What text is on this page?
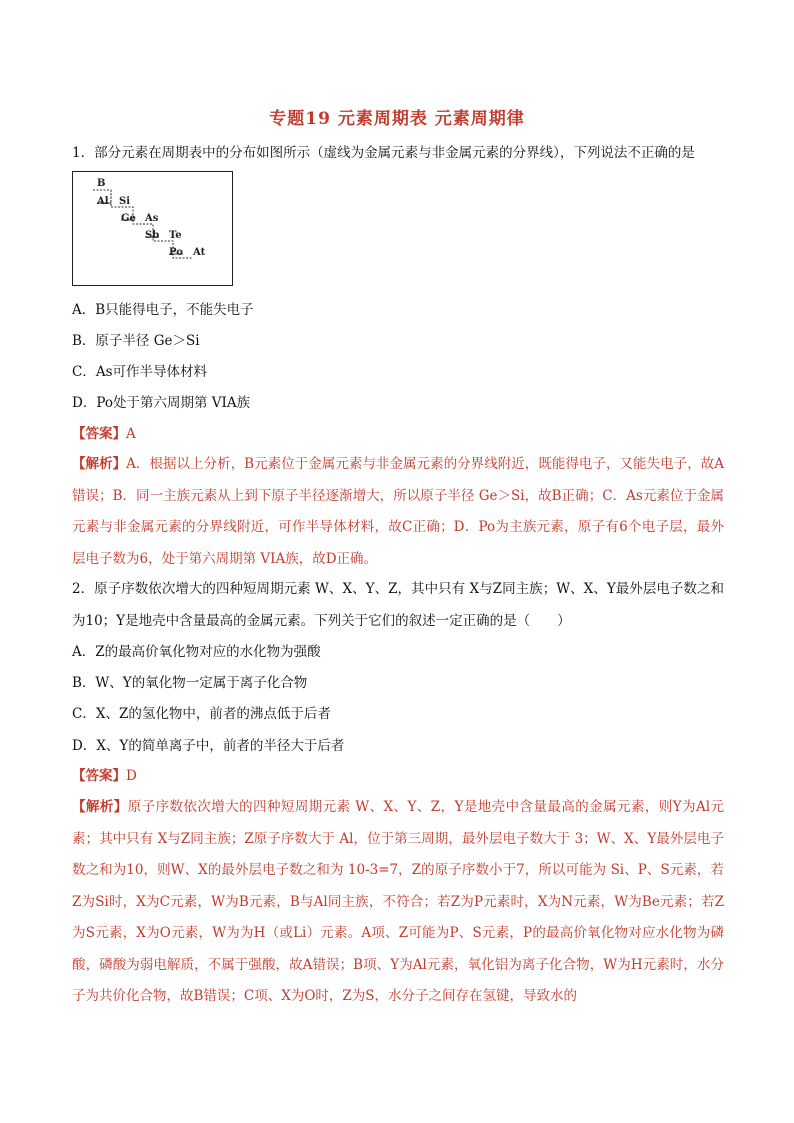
专题19 元素周期表 元素周期律
1．部分元素在周期表中的分布如图所示（虚线为金属元素与非金属元素的分界线），下列说法不正确的是
B
Al Si
Ge As
Sb Te
Po At
A．B只能得电子，不能失电子
B．原子半径 Ge＞Si
C．As可作半导体材料
D．Po处于第六周期第 VIA族
【答案】A
【解析】A．根据以上分析，B元素位于金属元素与非金属元素的分界线附近，既能得电子，又能失电子，故A错误；B．同一主族元素从上到下原子半径逐渐增大，所以原子半径 Ge＞Si，故B正确；C．As元素位于金属元素与非金属元素的分界线附近，可作半导体材料，故C正确；D．Po为主族元素，原子有6个电子层，最外层电子数为6，处于第六周期第 VIA族，故D正确。
2．原子序数依次增大的四种短周期元素 W、X、Y、Z，其中只有 X与Z同主族；W、X、Y最外层电子数之和为10；Y是地壳中含量最高的金属元素。下列关于它们的叙述一定正确的是（　　）
A．Z的最高价氧化物对应的水化物为强酸
B．W、Y的氧化物一定属于离子化合物
C．X、Z的氢化物中，前者的沸点低于后者
D．X、Y的简单离子中，前者的半径大于后者
【答案】D
【解析】原子序数依次增大的四种短周期元素 W、X、Y、Z，Y是地壳中含量最高的金属元素，则Y为Al元素；其中只有 X与Z同主族；Z原子序数大于 Al，位于第三周期，最外层电子数大于 3；W、X、Y最外层电子数之和为10，则W、X的最外层电子数之和为 10-3=7，Z的原子序数小于7，所以可能为 Si、P、S元素，若Z为Si时，X为C元素，W为B元素，B与Al同主族，不符合；若Z为P元素时，X为N元素，W为Be元素；若Z为S元素，X为O元素，W为为H（或Li）元素。A项、Z可能为P、S元素，P的最高价氧化物对应水化物为磷酸，磷酸为弱电解质，不属于强酸，故A错误；B项、Y为Al元素，氧化铝为离子化合物，W为H元素时，水分子为共价化合物，故B错误；C项、X为O时，Z为S，水分子之间存在氢键，导致水的
